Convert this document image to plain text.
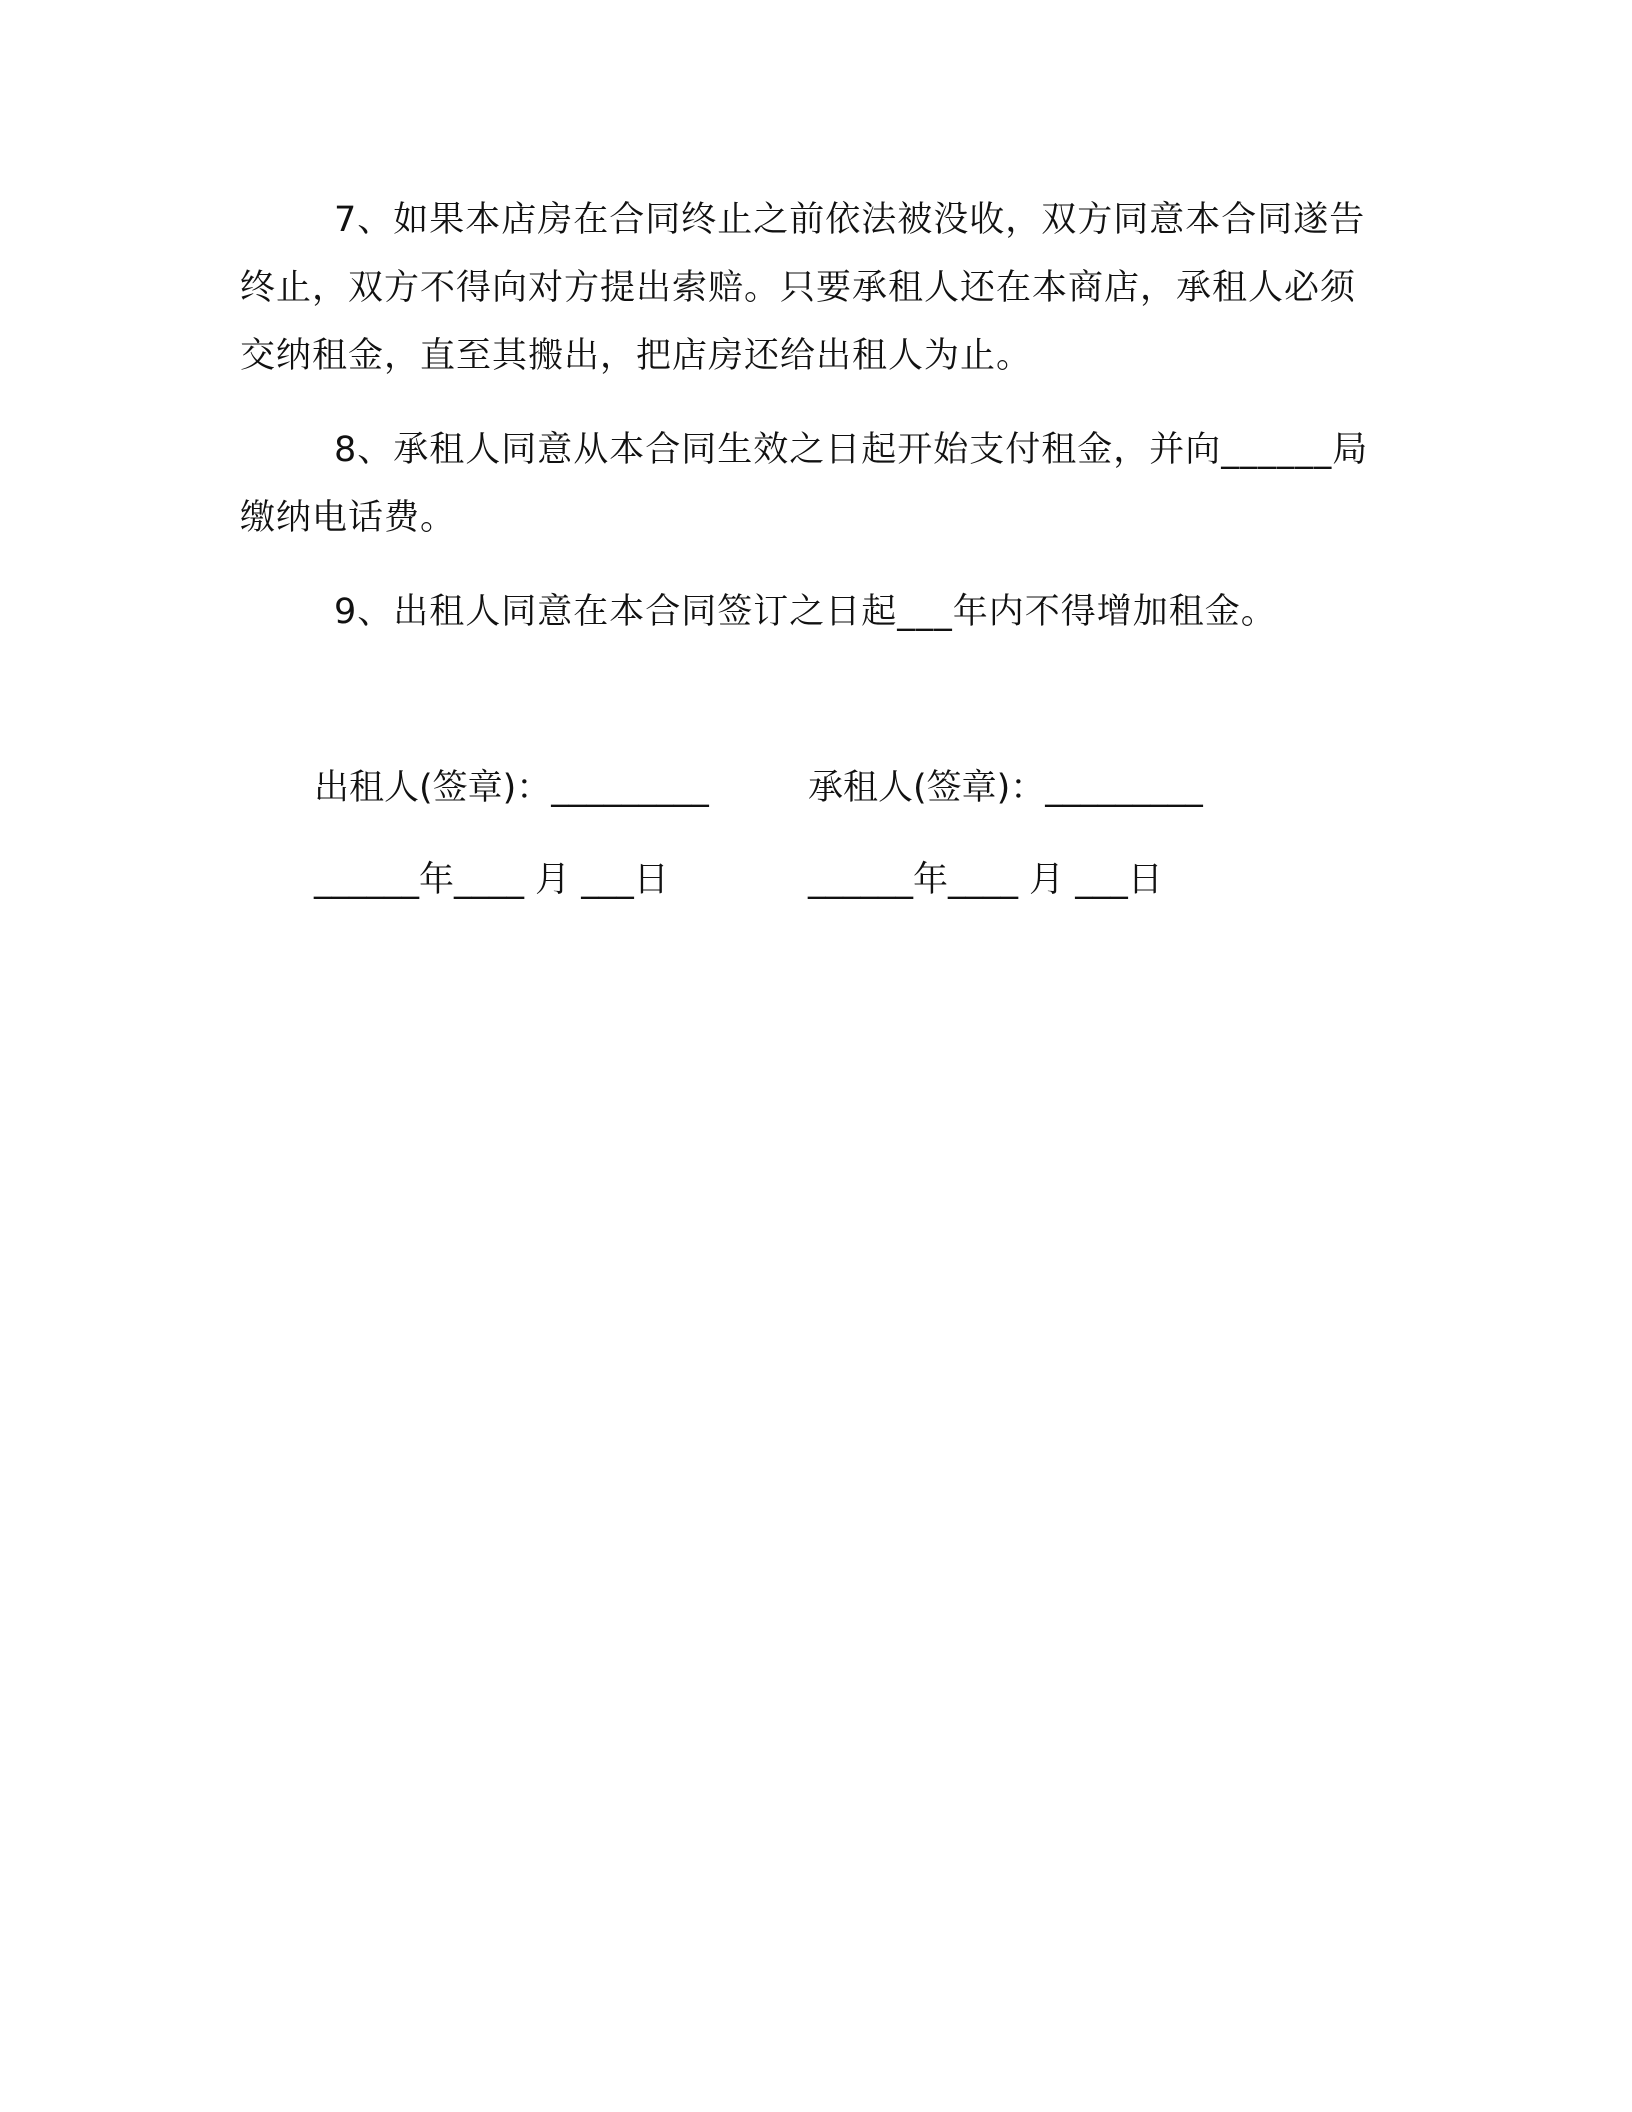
7、如果本店房在合同终止之前依法被没收，双方同意本合同遂告终止，双方不得向对方提出索赔。只要承租人还在本商店，承租人必须交纳租金，直至其搬出，把店房还给出租人为止。

8、承租人同意从本合同生效之日起开始支付租金，并向______局缴纳电话费。

9、出租人同意在本合同签订之日起___年内不得增加租金。

出租人(签章)：_________	承租人(签章)：_________
______年____ 月 ___日	______年____ 月 ___日
